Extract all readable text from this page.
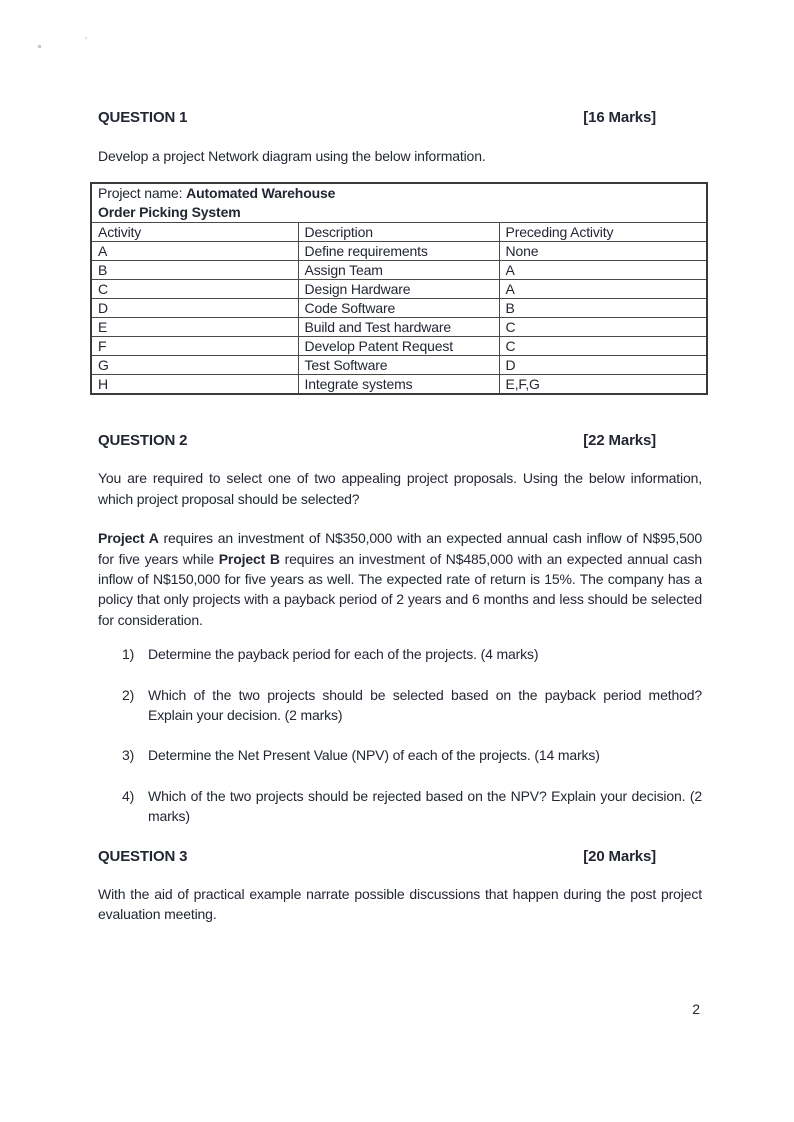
QUESTION 1	[16 Marks]

Develop a project Network diagram using the below information.

Project name: Automated Warehouse
Order Picking System		

Activity	Description	Preceding Activity
A	Define requirements	None
B	Assign Team	A
C	Design Hardware	A
D	Code Software	B
E	Build and Test hardware	C
F	Develop Patent Request	C
G	Test Software	D
H	Integrate systems	E,F,G
QUESTION 2	[22 Marks]

You are required to select one of two appealing project proposals. Using the below information, which project proposal should be selected?

Project A requires an investment of N$350,000 with an expected annual cash inflow of N$95,500 for five years while Project B requires an investment of N$485,000 with an expected annual cash inflow of N$150,000 for five years as well. The expected rate of return is 15%. The company has a policy that only projects with a payback period of 2 years and 6 months and less should be selected for consideration.

1) Determine the payback period for each of the projects. (4 marks)
2) Which of the two projects should be selected based on the payback period method? Explain your decision. (2 marks)
3) Determine the Net Present Value (NPV) of each of the projects. (14 marks)
4) Which of the two projects should be rejected based on the NPV? Explain your decision. (2 marks)
QUESTION 3	[20 Marks]

With the aid of practical example narrate possible discussions that happen during the post project evaluation meeting.

2
